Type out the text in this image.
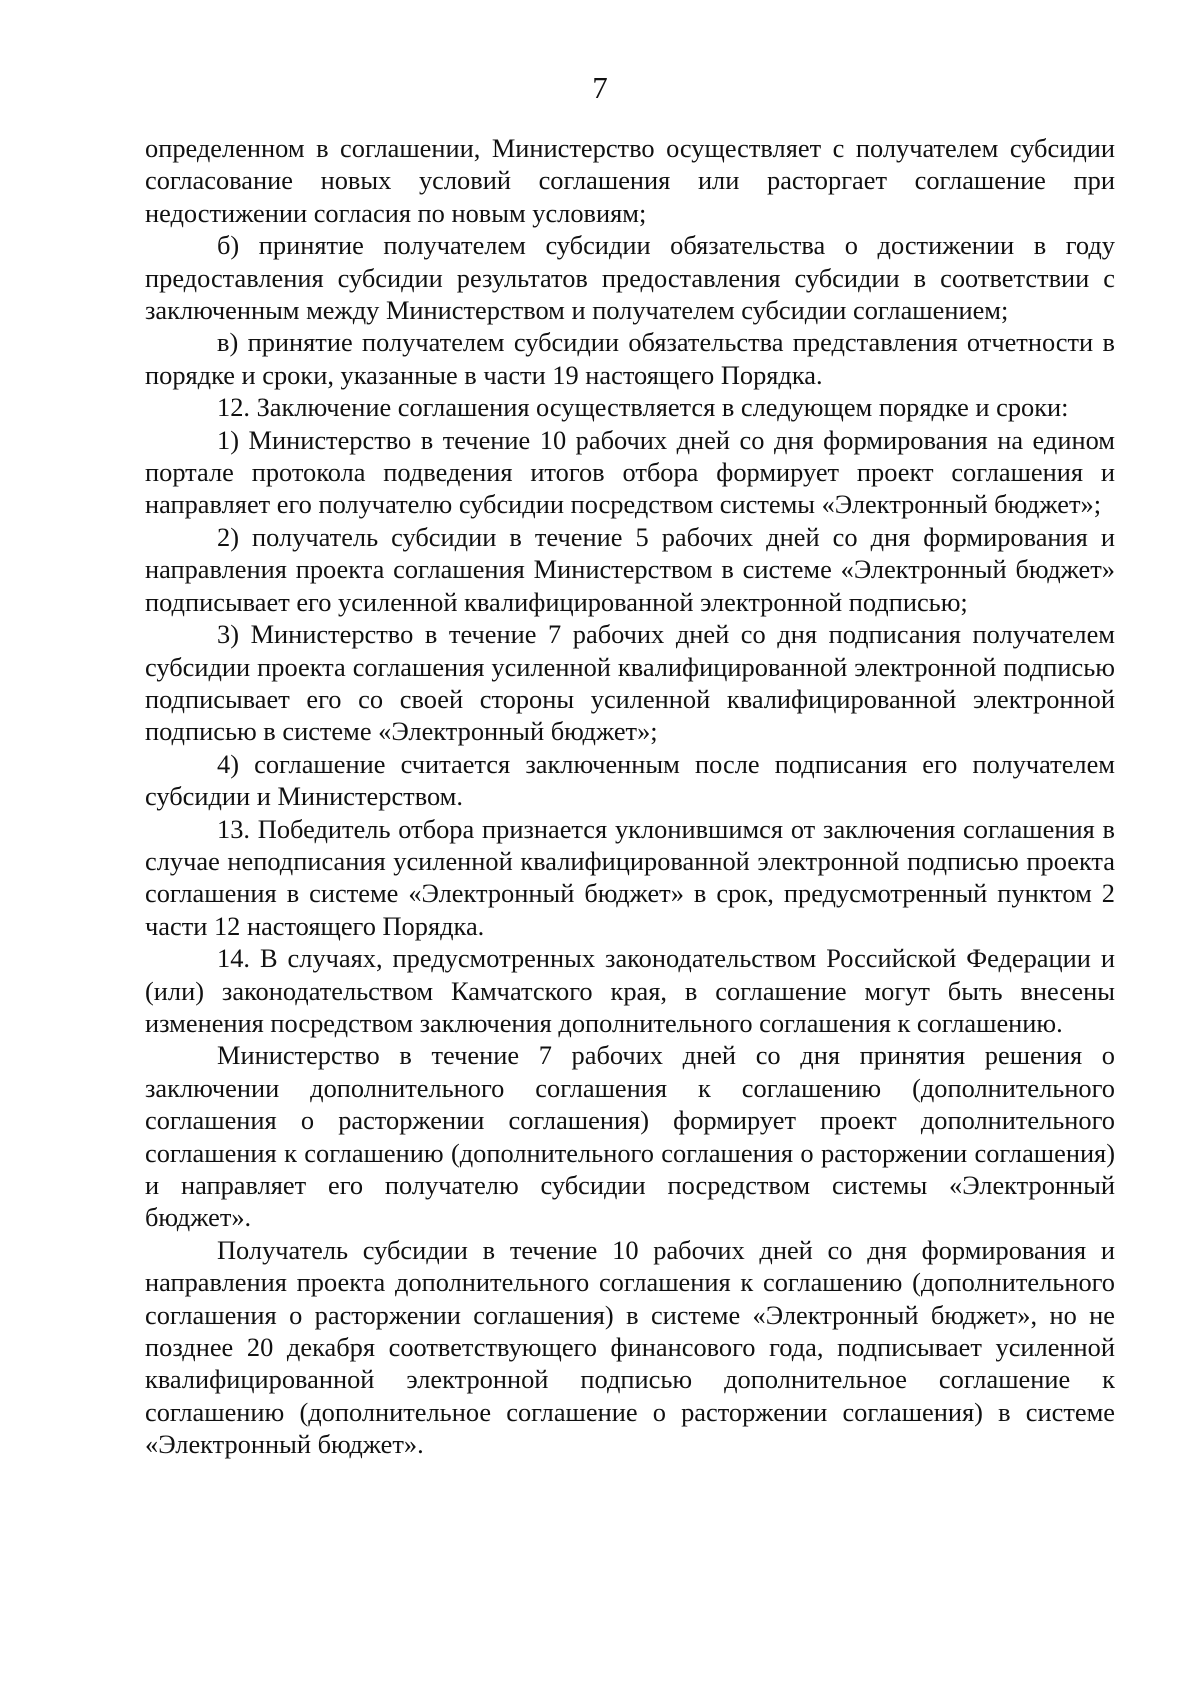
7

определенном в соглашении, Министерство осуществляет с получателем субсидии согласование новых условий соглашения или расторгает соглашение при недостижении согласия по новым условиям;

б) принятие получателем субсидии обязательства о достижении в году предоставления субсидии результатов предоставления субсидии в соответствии с заключенным между Министерством и получателем субсидии соглашением;

в) принятие получателем субсидии обязательства представления отчетности в порядке и сроки, указанные в части 19 настоящего Порядка.

12. Заключение соглашения осуществляется в следующем порядке и сроки:

1) Министерство в течение 10 рабочих дней со дня формирования на едином портале протокола подведения итогов отбора формирует проект соглашения и направляет его получателю субсидии посредством системы «Электронный бюджет»;

2) получатель субсидии в течение 5 рабочих дней со дня формирования и направления проекта соглашения Министерством в системе «Электронный бюджет» подписывает его усиленной квалифицированной электронной подписью;

3) Министерство в течение 7 рабочих дней со дня подписания получателем субсидии проекта соглашения усиленной квалифицированной электронной подписью подписывает его со своей стороны усиленной квалифицированной электронной подписью в системе «Электронный бюджет»;

4) соглашение считается заключенным после подписания его получателем субсидии и Министерством.

13. Победитель отбора признается уклонившимся от заключения соглашения в случае неподписания усиленной квалифицированной электронной подписью проекта соглашения в системе «Электронный бюджет» в срок, предусмотренный пунктом 2 части 12 настоящего Порядка.

14. В случаях, предусмотренных законодательством Российской Федерации и (или) законодательством Камчатского края, в соглашение могут быть внесены изменения посредством заключения дополнительного соглашения к соглашению.

Министерство в течение 7 рабочих дней со дня принятия решения о заключении дополнительного соглашения к соглашению (дополнительного соглашения о расторжении соглашения) формирует проект дополнительного соглашения к соглашению (дополнительного соглашения о расторжении соглашения) и направляет его получателю субсидии посредством системы «Электронный бюджет».

Получатель субсидии в течение 10 рабочих дней со дня формирования и направления проекта дополнительного соглашения к соглашению (дополнительного соглашения о расторжении соглашения) в системе «Электронный бюджет», но не позднее 20 декабря соответствующего финансового года, подписывает усиленной квалифицированной электронной подписью дополнительное соглашение к соглашению (дополнительное соглашение о расторжении соглашения) в системе «Электронный бюджет».
